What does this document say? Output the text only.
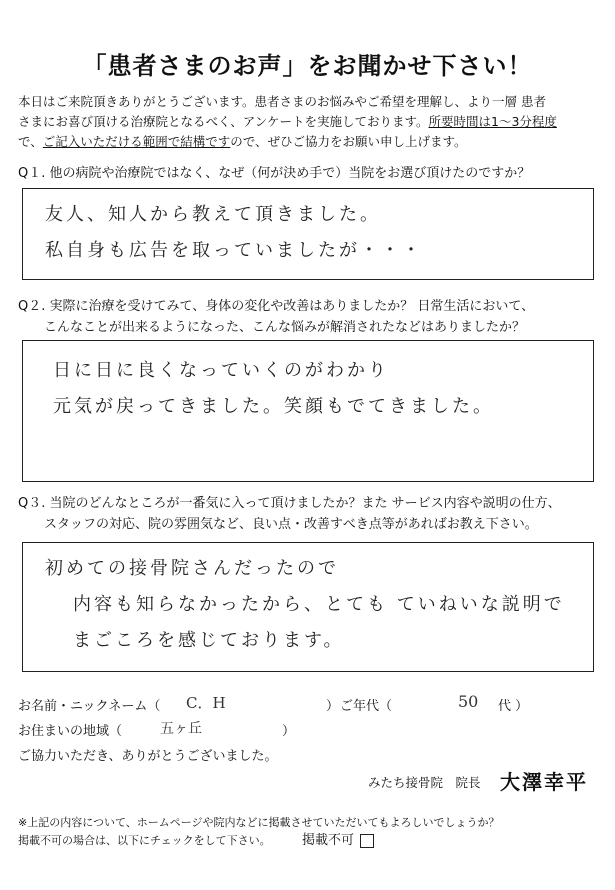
「患者さまのお声」をお聞かせ下さい！

本日はご来院頂きありがとうございます。患者さまのお悩みやご希望を理解し、より一層 患者

さまにお喜び頂ける治療院となるべく、アンケートを実施しております。所要時間は1～3分程度

で、ご記入いただける範囲で結構ですので、ぜひご協力をお願い申し上げます。

Q１. 他の病院や治療院ではなく、なぜ（何が決め手で）当院をお選び頂けたのですか？
友人、知人から教えて頂きました。
私自身も広告を取っていましたが・・・
Q２. 実際に治療を受けてみて、身体の変化や改善はありましたか？ 日常生活において、
こんなことが出来るようになった、こんな悩みが解消されたなどはありましたか？
日に日に良くなっていくのがわかり
元気が戻ってきました。笑顔もでてきました。
Q３. 当院のどんなところが一番気に入って頂けましたか？また サービス内容や説明の仕方、
スタッフの対応、院の雰囲気など、良い点・改善すべき点等があればお教え下さい。
初めての接骨院さんだったので
内容も知らなかったから、とても ていねいな説明で
まごころを感じております。
お名前・ニックネーム（ C．H	） ご年代（	50 代 ）
お住まいの地域（	五ヶ丘	）
ご協力いただき、ありがとうございました。
みたち接骨院　院長 大澤幸平
※上記の内容について、ホームページや院内などに掲載させていただいてもよろしいでしょうか？
掲載不可の場合は、以下にチェックをして下さい。 掲載不可
